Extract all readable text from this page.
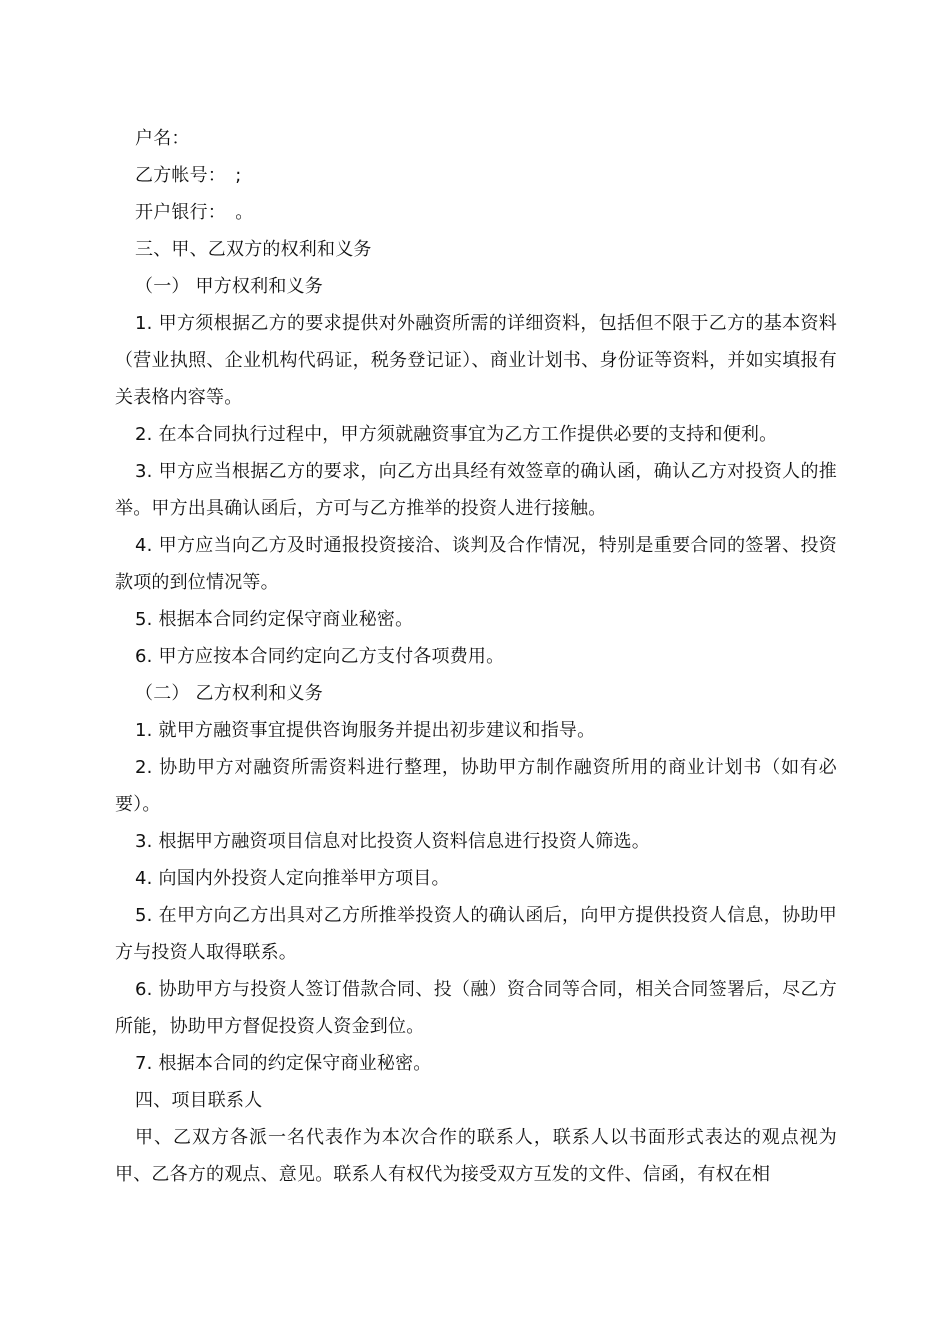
户名：

乙方帐号：　;

开户银行：　。

三、甲、乙双方的权利和义务

（一） 甲方权利和义务

1. 甲方须根据乙方的要求提供对外融资所需的详细资料，包括但不限于乙方的基本资料（营业执照、企业机构代码证，税务登记证）、商业计划书、身份证等资料，并如实填报有关表格内容等。

2. 在本合同执行过程中，甲方须就融资事宜为乙方工作提供必要的支持和便利。

3. 甲方应当根据乙方的要求，向乙方出具经有效签章的确认函，确认乙方对投资人的推举。甲方出具确认函后，方可与乙方推举的投资人进行接触。

4. 甲方应当向乙方及时通报投资接洽、谈判及合作情况，特别是重要合同的签署、投资款项的到位情况等。

5. 根据本合同约定保守商业秘密。

6. 甲方应按本合同约定向乙方支付各项费用。

（二） 乙方权利和义务

1. 就甲方融资事宜提供咨询服务并提出初步建议和指导。

2. 协助甲方对融资所需资料进行整理，协助甲方制作融资所用的商业计划书（如有必要）。

3. 根据甲方融资项目信息对比投资人资料信息进行投资人筛选。

4. 向国内外投资人定向推举甲方项目。

5. 在甲方向乙方出具对乙方所推举投资人的确认函后，向甲方提供投资人信息，协助甲方与投资人取得联系。

6. 协助甲方与投资人签订借款合同、投（融）资合同等合同，相关合同签署后，尽乙方所能，协助甲方督促投资人资金到位。

7. 根据本合同的约定保守商业秘密。

四、项目联系人

甲、乙双方各派一名代表作为本次合作的联系人，联系人以书面形式表达的观点视为甲、乙各方的观点、意见。联系人有权代为接受双方互发的文件、信函，有权在相
